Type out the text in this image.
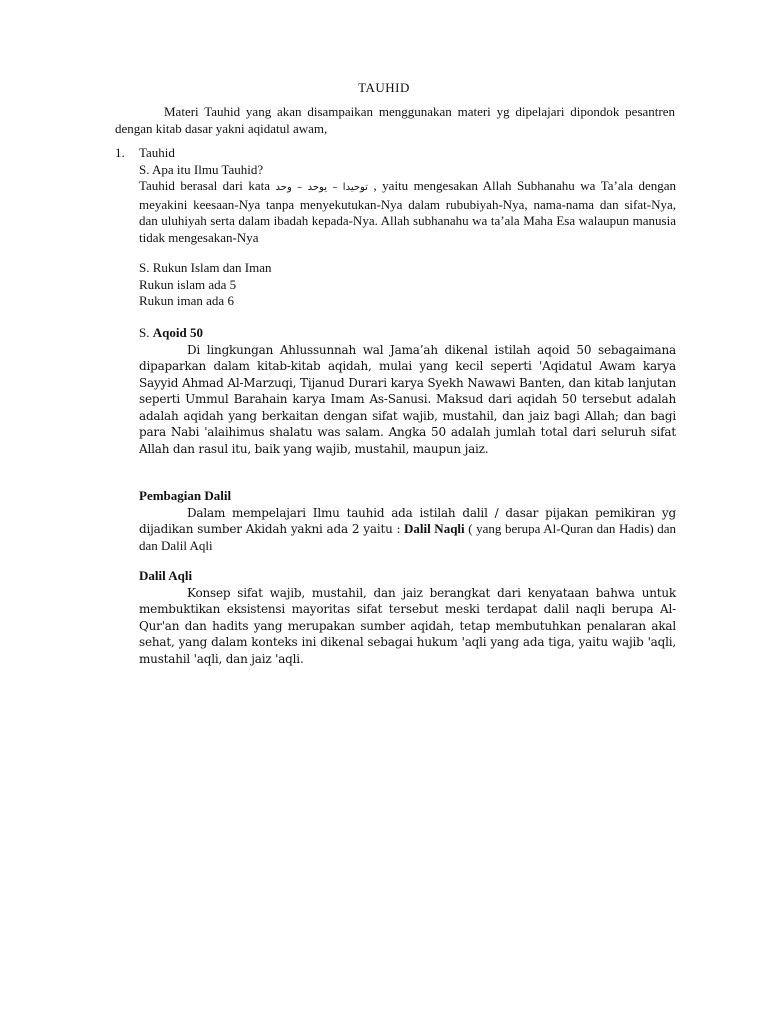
TAUHID

Materi Tauhid yang akan disampaikan menggunakan materi yg dipelajari dipondok pesantren dengan kitab dasar yakni aqidatul awam,

1. Tauhid

S. Apa itu Ilmu Tauhid?

Tauhid berasal dari kata توحيدا – يوحد – وحد , yaitu mengesakan Allah Subhanahu wa Ta’ala dengan meyakini keesaan-Nya tanpa menyekutukan-Nya dalam rububiyah-Nya, nama-nama dan sifat-Nya, dan uluhiyah serta dalam ibadah kepada-Nya. Allah subhanahu wa ta’ala Maha Esa walaupun manusia tidak mengesakan-Nya

S. Rukun Islam dan Iman

Rukun islam ada 5

Rukun iman ada 6

S. Aqoid 50

Di lingkungan Ahlussunnah wal Jama’ah dikenal istilah aqoid 50 sebagaimana dipaparkan dalam kitab-kitab aqidah, mulai yang kecil seperti 'Aqidatul Awam karya Sayyid Ahmad Al-Marzuqi, Tijanud Durari karya Syekh Nawawi Banten, dan kitab lanjutan seperti Ummul Barahain karya Imam As-Sanusi. Maksud dari aqidah 50 tersebut adalah adalah aqidah yang berkaitan dengan sifat wajib, mustahil, dan jaiz bagi Allah; dan bagi para Nabi 'alaihimus shalatu was salam. Angka 50 adalah jumlah total dari seluruh sifat Allah dan rasul itu, baik yang wajib, mustahil, maupun jaiz.

Pembagian Dalil

Dalam mempelajari Ilmu tauhid ada istilah dalil / dasar pijakan pemikiran yg dijadikan sumber Akidah yakni ada 2 yaitu : Dalil Naqli ( yang berupa Al-Quran dan Hadis) dan dan Dalil Aqli

Dalil Aqli

Konsep sifat wajib, mustahil, dan jaiz berangkat dari kenyataan bahwa untuk membuktikan eksistensi mayoritas sifat tersebut meski terdapat dalil naqli berupa Al-Qur'an dan hadits yang merupakan sumber aqidah, tetap membutuhkan penalaran akal sehat, yang dalam konteks ini dikenal sebagai hukum 'aqli yang ada tiga, yaitu wajib 'aqli, mustahil 'aqli, dan jaiz 'aqli.
